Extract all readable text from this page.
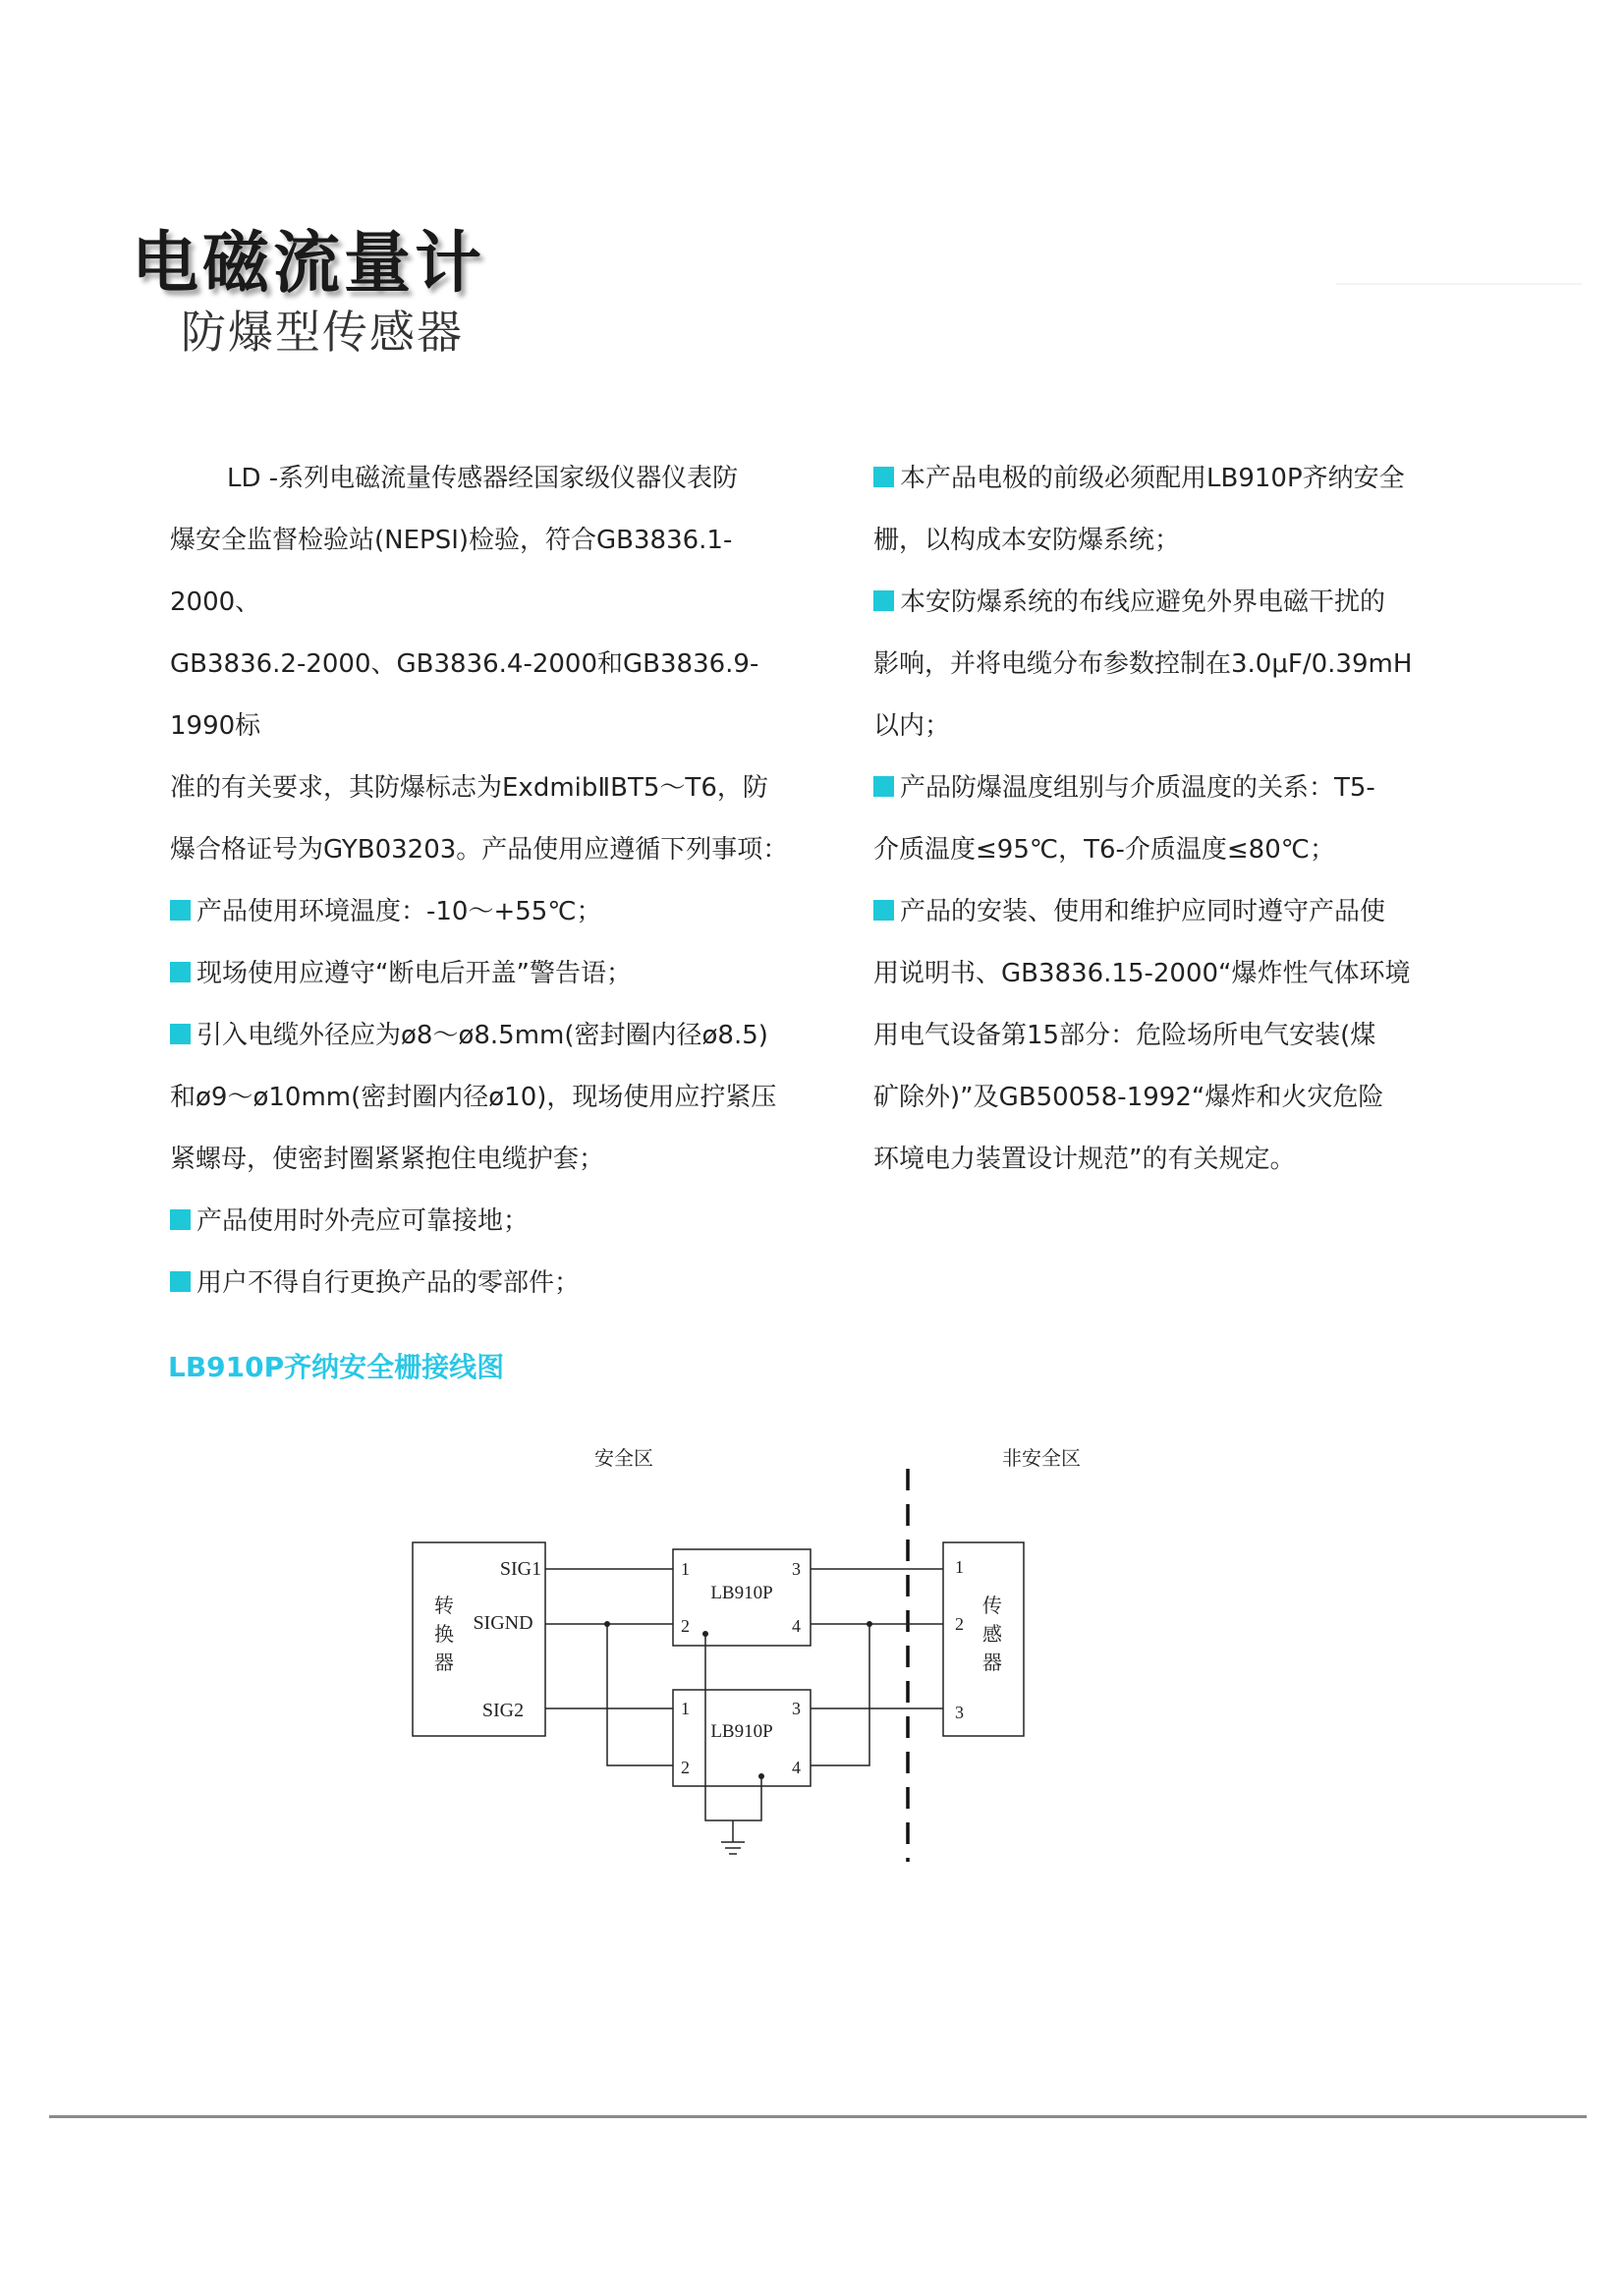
电磁流量计
防爆型传感器

LD -系列电磁流量传感器经国家级仪器仪表防

爆安全监督检验站(NEPSI)检验，符合GB3836.1-2000、

GB3836.2-2000、GB3836.4-2000和GB3836.9-1990标

准的有关要求，其防爆标志为ExdmibⅡBT5～T6，防

爆合格证号为GYB03203。产品使用应遵循下列事项：

产品使用环境温度：-10～+55℃；

现场使用应遵守“断电后开盖”警告语；

引入电缆外径应为ø8～ø8.5mm(密封圈内径ø8.5)

和ø9～ø10mm(密封圈内径ø10)，现场使用应拧紧压

紧螺母，使密封圈紧紧抱住电缆护套；

产品使用时外壳应可靠接地；

用户不得自行更换产品的零部件；

本产品电极的前级必须配用LB910P齐纳安全

栅，以构成本安防爆系统；

本安防爆系统的布线应避免外界电磁干扰的

影响，并将电缆分布参数控制在3.0μF/0.39mH

以内；

产品防爆温度组别与介质温度的关系：T5-

介质温度≤95℃，T6-介质温度≤80℃；

产品的安装、使用和维护应同时遵守产品使

用说明书、GB3836.15-2000“爆炸性气体环境

用电气设备第15部分：危险场所电气安装(煤

矿除外)”及GB50058-1992“爆炸和火灾危险

环境电力装置设计规范”的有关规定。

LB910P齐纳安全栅接线图
安全区	非安全区
转
换
器
SIG1
SIGND
SIG2
传
感
器
1
2
3
1
2
3
4
LB910P
1
2
3
4
LB910P
